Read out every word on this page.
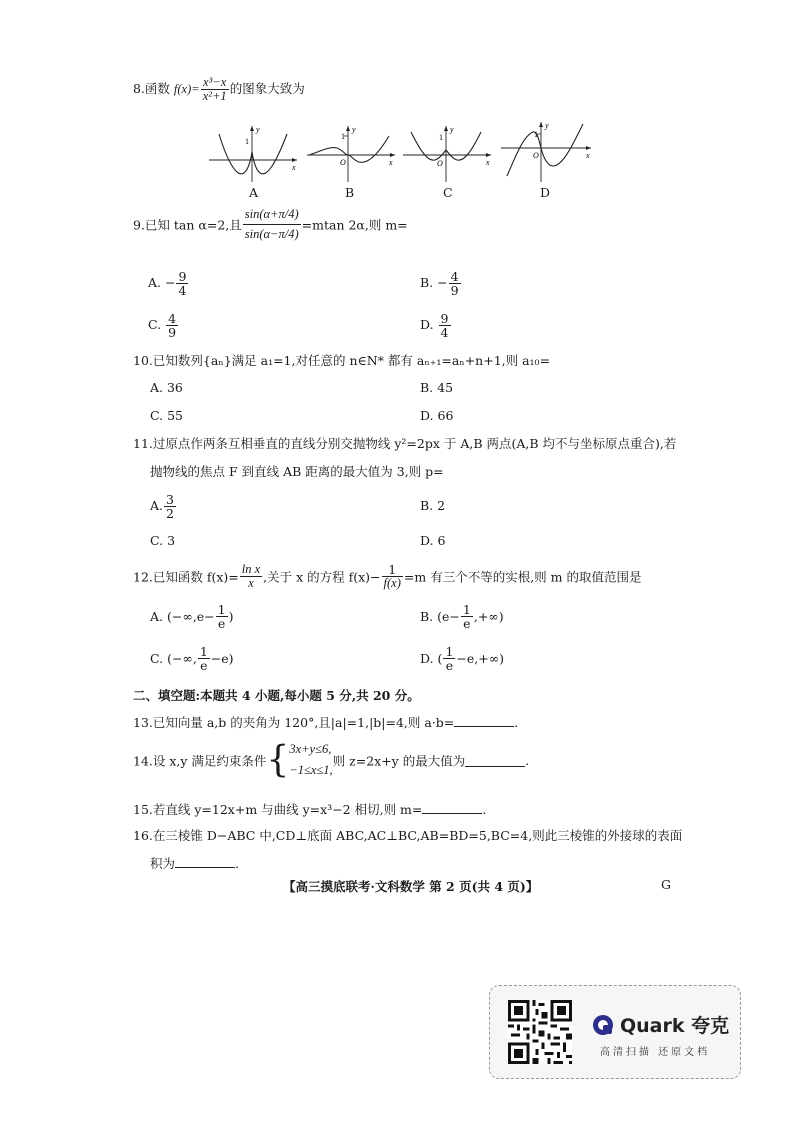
8.函数 $f(x)= \frac{\text{x³−x}}{\text{x²+1}}$ 的图象大致为
y
x
1
A
y
x
1
O
B
y
x
1
O
C
y
x
1
O
D
9.已知 tan α=2,且 $\frac{\sin(\alpha+\pi/4)}{\sin(\alpha-\pi/4)} =mtan$ 2α,则 m=
A. − $\frac{9}{4}$	B. − $\frac{4}{9}$
C. $\frac{4}{9}$	D. $\frac{9}{4}$
10.已知数列{aₙ}满足 a₁=1,对任意的 n∈N* 都有 aₙ₊₁=aₙ+n+1,则 a₁₀=
A. 36	B. 45
C. 55	D. 66
11.过原点作两条互相垂直的直线分别交抛物线 y²=2px 于 A,B 两点(A,B 均不与坐标原点重合),若
抛物线的焦点 F 到直线 AB 距离的最大值为 3,则 p=
A. $\frac{3}{2}$	B. 2
C. 3	D. 6
12.已知函数 $f(x)= \frac{\text{ln x}}{x}$ ,关于 x 的方程 $f(x)- \frac{1}{f(x)} =m$ 有三个不等的实根,则 m 的取值范围是
A. ($-\infty,e- \frac{1}{e}$ )	B. ($e- \frac{1}{e}$ ,+∞)
C. (−∞, $\frac{1}{e} -e$)	D. ( $\frac{1}{e} -e,+\infty$)
二、填空题:本题共 4 小题,每小题 5 分,共 20 分。
13.已知向量 a,b 的夹角为 120°,且|a|=1,|b|=4,则 a·b=	.
14.设 x,y 满足约束条件{ 3x+y≤6,
−1≤x≤1,
则 z=2x+y 的最大值为	.
15.若直线 y=12x+m 与曲线 y=x³−2 相切,则 m=	.
16.在三棱锥 D−ABC 中,CD⊥底面 ABC,AC⊥BC,AB=BD=5,BC=4,则此三棱锥的外接球的表面
积为	.
【高三摸底联考·文科数学 第 2 页(共 4 页)】	G
Quark 夸克
高清扫描 还原文档
